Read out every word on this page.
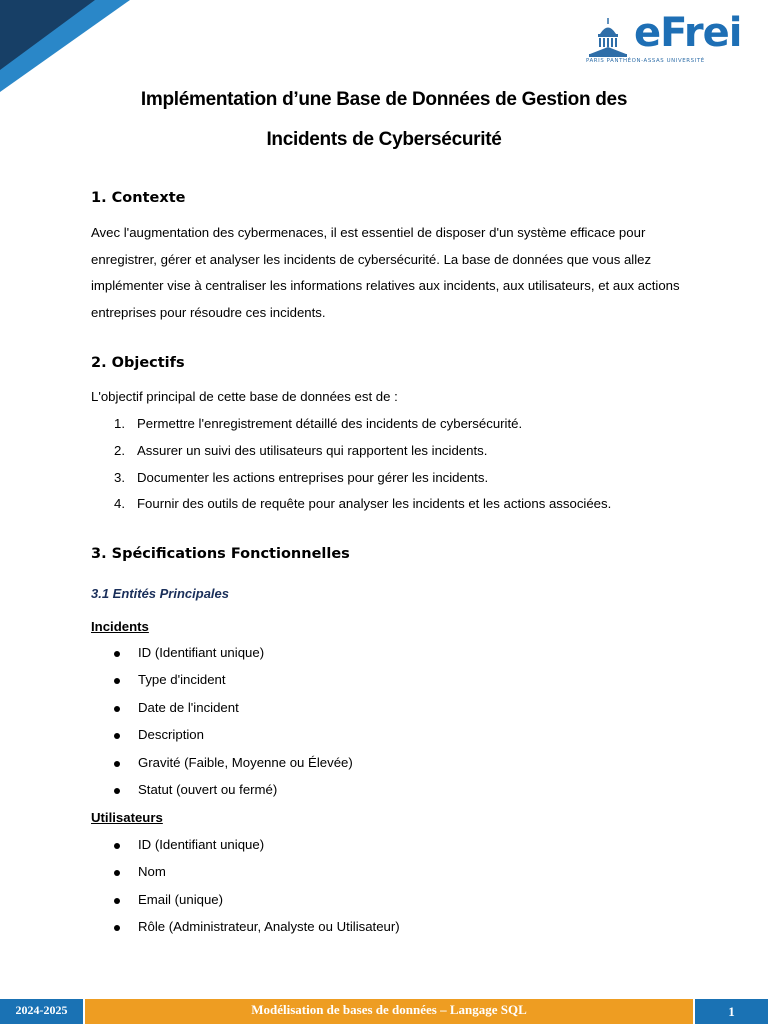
eFrei
PARIS PANTHÉON-ASSAS UNIVERSITÉ
Implémentation d’une Base de Données de Gestion des
Incidents de Cybersécurité
1. Contexte
Avec l'augmentation des cybermenaces, il est essentiel de disposer d'un système efficace pour enregistrer, gérer et analyser les incidents de cybersécurité. La base de données que vous allez implémenter vise à centraliser les informations relatives aux incidents, aux utilisateurs, et aux actions entreprises pour résoudre ces incidents.
2. Objectifs
L'objectif principal de cette base de données est de :
1. Permettre l'enregistrement détaillé des incidents de cybersécurité.
2. Assurer un suivi des utilisateurs qui rapportent les incidents.
3. Documenter les actions entreprises pour gérer les incidents.
4. Fournir des outils de requête pour analyser les incidents et les actions associées.
3. Spécifications Fonctionnelles
3.1 Entités Principales
Incidents
ID (Identifiant unique)
Type d'incident
Date de l'incident
Description
Gravité (Faible, Moyenne ou Élevée)
Statut (ouvert ou fermé)
Utilisateurs
ID (Identifiant unique)
Nom
Email (unique)
Rôle (Administrateur, Analyste ou Utilisateur)
2024-2025	Modélisation de bases de données – Langage SQL	1
